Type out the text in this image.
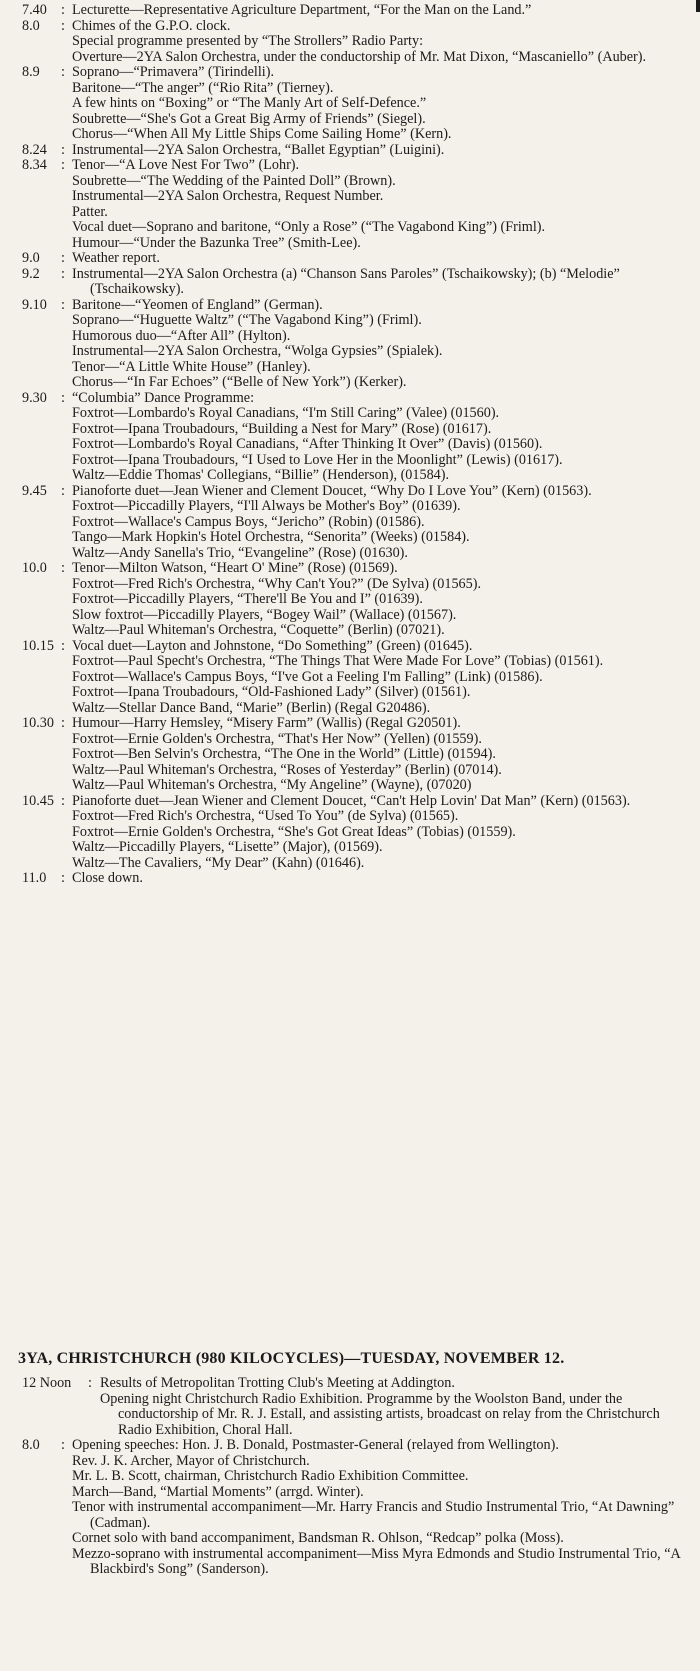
7.40 : Lecturette—Representative Agriculture Department, “For the Man on the Land.”
8.0	: Chimes of the G.P.O. clock.
Special programme presented by “The Strollers” Radio Party:
Overture—2YA Salon Orchestra, under the conductorship of Mr. Mat Dixon, “Mascaniello” (Auber).
8.9	: Soprano—“Primavera” (Tirindelli).
Baritone—“The anger” (“Rio Rita” (Tierney).
A few hints on “Boxing” or “The Manly Art of Self-Defence.”
Soubrette—“She's Got a Great Big Army of Friends” (Siegel).
Chorus—“When All My Little Ships Come Sailing Home” (Kern).
8.24 : Instrumental—2YA Salon Orchestra, “Ballet Egyptian” (Luigini).
8.34 : Tenor—“A Love Nest For Two” (Lohr).
Soubrette—“The Wedding of the Painted Doll” (Brown).
Instrumental—2YA Salon Orchestra, Request Number.
Patter.
Vocal duet—Soprano and baritone, “Only a Rose” (“The Vagabond King”) (Friml).
Humour—“Under the Bazunka Tree” (Smith-Lee).
9.0	: Weather report.
9.2	: Instrumental—2YA Salon Orchestra (a) “Chanson Sans Paroles” (Tschaikowsky); (b) “Melodie” (Tschaikowsky).
9.10 : Baritone—“Yeomen of England” (German).
Soprano—“Huguette Waltz” (“The Vagabond King”) (Friml).
Humorous duo—“After All” (Hylton).
Instrumental—2YA Salon Orchestra, “Wolga Gypsies” (Spialek).
Tenor—“A Little White House” (Hanley).
Chorus—“In Far Echoes” (“Belle of New York”) (Kerker).
9.30 : “Columbia” Dance Programme:
Foxtrot—Lombardo's Royal Canadians, “I'm Still Caring” (Valee) (01560).
Foxtrot—Ipana Troubadours, “Building a Nest for Mary” (Rose) (01617).
Foxtrot—Lombardo's Royal Canadians, “After Thinking It Over” (Davis) (01560).
Foxtrot—Ipana Troubadours, “I Used to Love Her in the Moonlight” (Lewis) (01617).
Waltz—Eddie Thomas' Collegians, “Billie” (Henderson), (01584).
9.45 : Pianoforte duet—Jean Wiener and Clement Doucet, “Why Do I Love You” (Kern) (01563).
Foxtrot—Piccadilly Players, “I'll Always be Mother's Boy” (01639).
Foxtrot—Wallace's Campus Boys, “Jericho” (Robin) (01586).
Tango—Mark Hopkin's Hotel Orchestra, “Senorita” (Weeks) (01584).
Waltz—Andy Sanella's Trio, “Evangeline” (Rose) (01630).
10.0 : Tenor—Milton Watson, “Heart O' Mine” (Rose) (01569).
Foxtrot—Fred Rich's Orchestra, “Why Can't You?” (De Sylva) (01565).
Foxtrot—Piccadilly Players, “There'll Be You and I” (01639).
Slow foxtrot—Piccadilly Players, “Bogey Wail” (Wallace) (01567).
Waltz—Paul Whiteman's Orchestra, “Coquette” (Berlin) (07021).
10.15 : Vocal duet—Layton and Johnstone, “Do Something” (Green) (01645).
Foxtrot—Paul Specht's Orchestra, “The Things That Were Made For Love” (Tobias) (01561).
Foxtrot—Wallace's Campus Boys, “I've Got a Feeling I'm Falling” (Link) (01586).
Foxtrot—Ipana Troubadours, “Old-Fashioned Lady” (Silver) (01561).
Waltz—Stellar Dance Band, “Marie” (Berlin) (Regal G20486).
10.30 : Humour—Harry Hemsley, “Misery Farm” (Wallis) (Regal G20501).
Foxtrot—Ernie Golden's Orchestra, “That's Her Now” (Yellen) (01559).
Foxtrot—Ben Selvin's Orchestra, “The One in the World” (Little) (01594).
Waltz—Paul Whiteman's Orchestra, “Roses of Yesterday” (Berlin) (07014).
Waltz—Paul Whiteman's Orchestra, “My Angeline” (Wayne), (07020)
10.45 : Pianoforte duet—Jean Wiener and Clement Doucet, “Can't Help Lovin' Dat Man” (Kern) (01563).
Foxtrot—Fred Rich's Orchestra, “Used To You” (de Sylva) (01565).
Foxtrot—Ernie Golden's Orchestra, “She's Got Great Ideas” (Tobias) (01559).
Waltz—Piccadilly Players, “Lisette” (Major), (01569).
Waltz—The Cavaliers, “My Dear” (Kahn) (01646).
11.0	: Close down.
3YA, CHRISTCHURCH (980 KILOCYCLES)—TUESDAY, NOVEMBER 12.
12 Noon : Results of Metropolitan Trotting Club's Meeting at Addington.
Opening night Christchurch Radio Exhibition. Programme by the Woolston Band, under the conductorship of Mr. R. J. Estall, and assisting artists, broadcast on relay from the Christchurch Radio Exhibition, Choral Hall.
8.0	: Opening speeches: Hon. J. B. Donald, Postmaster-General (relayed from Wellington).
Rev. J. K. Archer, Mayor of Christchurch.
Mr. L. B. Scott, chairman, Christchurch Radio Exhibition Committee.
March—Band, “Martial Moments” (arrgd. Winter).
Tenor with instrumental accompaniment—Mr. Harry Francis and Studio Instrumental Trio, “At Dawning” (Cadman).
Cornet solo with band accompaniment, Bandsman R. Ohlson, “Redcap” polka (Moss).
Mezzo-soprano with instrumental accompaniment—Miss Myra Edmonds and Studio Instrumental Trio, “A Blackbird's Song” (Sanderson).
